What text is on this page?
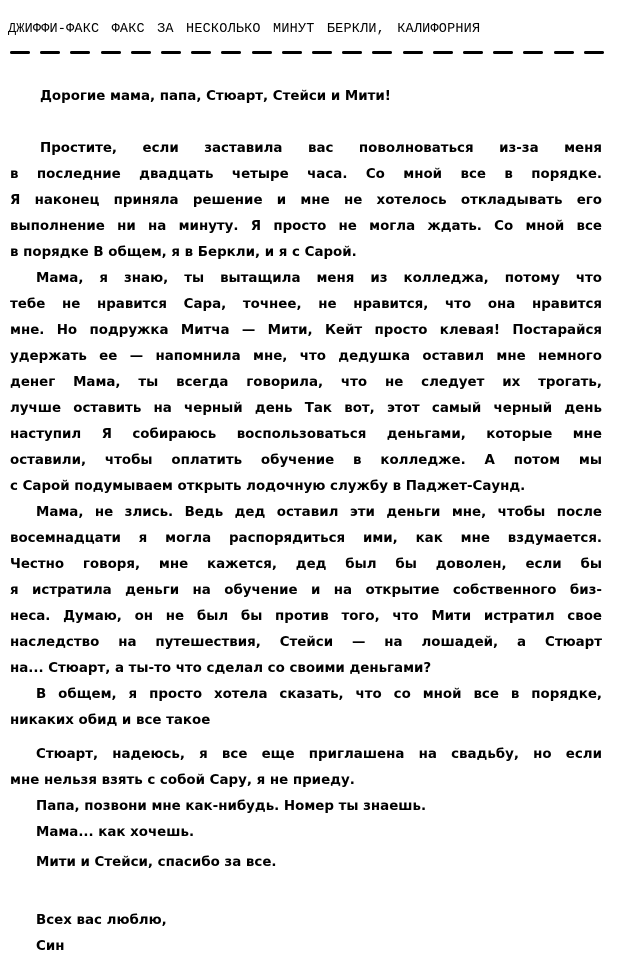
ДЖИФФИ-ФАКС ФАКС ЗА НЕСКОЛЬКО МИНУТ БЕРКЛИ, КАЛИФОРНИЯ
Дорогие мама, папа, Стюарт, Стейси и Мити!
Простите, если заставила вас поволноваться из-за меня
в последние двадцать четыре часа. Со мной все в порядке.
Я наконец приняла решение и мне не хотелось откладывать его
выполнение ни на минуту. Я просто не могла ждать. Со мной все
в порядке В общем, я в Беркли, и я с Сарой.
Мама, я знаю, ты вытащила меня из колледжа, потому что
тебе не нравится Сара, точнее, не нравится, что она нравится
мне. Но подружка Митча — Мити, Кейт просто клевая! Постарайся
удержать ее — напомнила мне, что дедушка оставил мне немного
денег Мама, ты всегда говорила, что не следует их трогать,
лучше оставить на черный день Так вот, этот самый черный день
наступил Я собираюсь воспользоваться деньгами, которые мне
оставили, чтобы оплатить обучение в колледже. А потом мы
с Сарой подумываем открыть лодочную службу в Паджет-Саунд.
Мама, не злись. Ведь дед оставил эти деньги мне, чтобы после
восемнадцати я могла распорядиться ими, как мне вздумается.
Честно говоря, мне кажется, дед был бы доволен, если бы
я истратила деньги на обучение и на открытие собственного биз-
неса. Думаю, он не был бы против того, что Мити истратил свое
наследство на путешествия, Стейси — на лошадей, а Стюарт
на... Стюарт, а ты-то что сделал со своими деньгами?
В общем, я просто хотела сказать, что со мной все в порядке,
никаких обид и все такое
Стюарт, надеюсь, я все еще приглашена на свадьбу, но если
мне нельзя взять с собой Сару, я не приеду.
Папа, позвони мне как-нибудь. Номер ты знаешь.
Мама... как хочешь.
Мити и Стейси, спасибо за все.
Всех вас люблю,
Син
